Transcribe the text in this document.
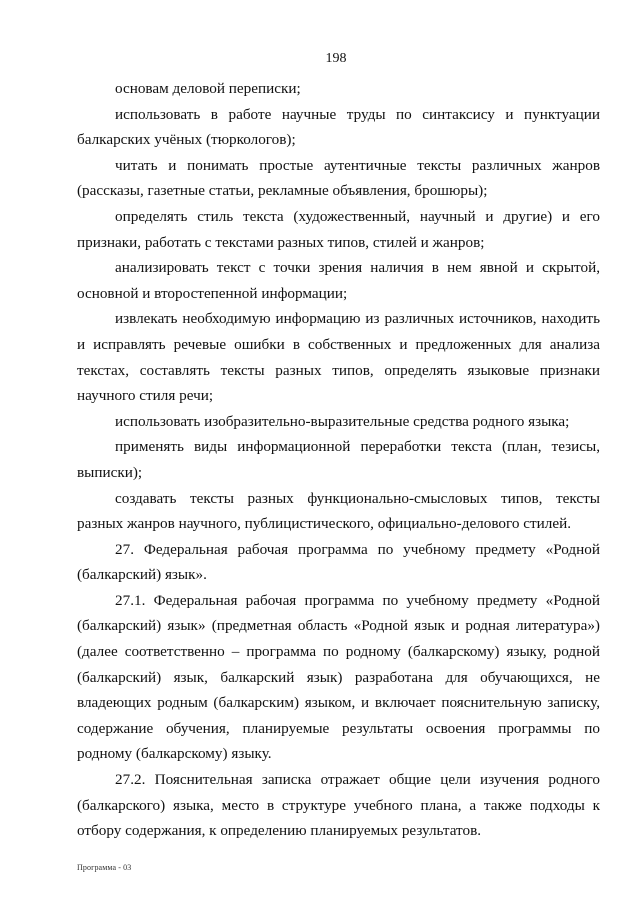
198

основам деловой переписки;

использовать в работе научные труды по синтаксису и пунктуации балкарских учёных (тюркологов);

читать и понимать простые аутентичные тексты различных жанров (рассказы, газетные статьи, рекламные объявления, брошюры);

определять стиль текста (художественный, научный и другие) и его признаки, работать с текстами разных типов, стилей и жанров;

анализировать текст с точки зрения наличия в нем явной и скрытой, основной и второстепенной информации;

извлекать необходимую информацию из различных источников, находить и исправлять речевые ошибки в собственных и предложенных для анализа текстах, составлять тексты разных типов, определять языковые признаки научного стиля речи;

использовать изобразительно-выразительные средства родного языка;

применять виды информационной переработки текста (план, тезисы, выписки);

создавать тексты разных функционально-смысловых типов, тексты разных жанров научного, публицистического, официально-делового стилей.

27. Федеральная рабочая программа по учебному предмету «Родной (балкарский) язык».

27.1. Федеральная рабочая программа по учебному предмету «Родной (балкарский) язык» (предметная область «Родной язык и родная литература») (далее соответственно – программа по родному (балкарскому) языку, родной (балкарский) язык, балкарский язык) разработана для обучающихся, не владеющих родным (балкарским) языком, и включает пояснительную записку, содержание обучения, планируемые результаты освоения программы по родному (балкарскому) языку.

27.2. Пояснительная записка отражает общие цели изучения родного (балкарского) языка, место в структуре учебного плана, а также подходы к отбору содержания, к определению планируемых результатов.

Программа - 03
